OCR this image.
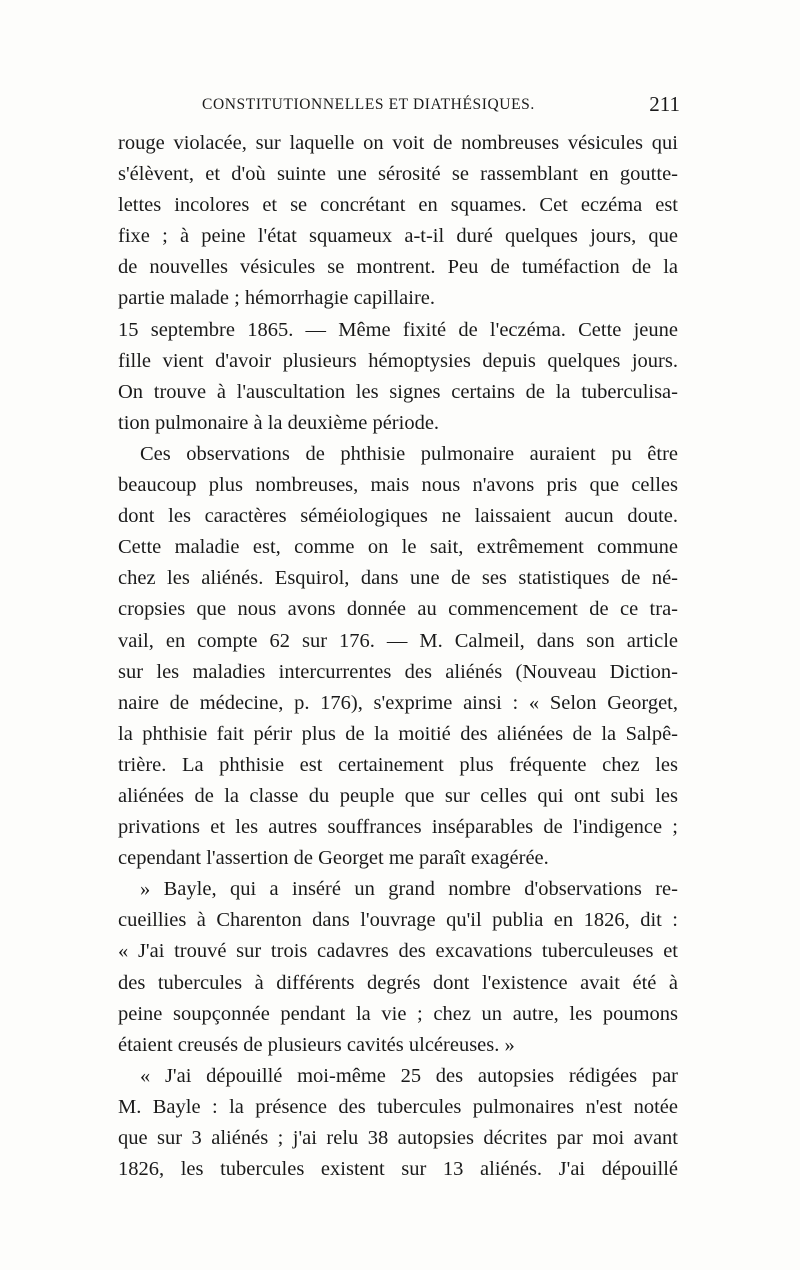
CONSTITUTIONNELLES ET DIATHÉSIQUES.	211
rouge violacée, sur laquelle on voit de nombreuses vésicules qui
s'élèvent, et d'où suinte une sérosité se rassemblant en goutte-
lettes incolores et se concrétant en squames. Cet eczéma est
fixe ; à peine l'état squameux a-t-il duré quelques jours, que
de nouvelles vésicules se montrent. Peu de tuméfaction de la
partie malade ; hémorrhagie capillaire.
15 septembre 1865. — Même fixité de l'eczéma. Cette jeune
fille vient d'avoir plusieurs hémoptysies depuis quelques jours.
On trouve à l'auscultation les signes certains de la tuberculisa-
tion pulmonaire à la deuxième période.
Ces observations de phthisie pulmonaire auraient pu être
beaucoup plus nombreuses, mais nous n'avons pris que celles
dont les caractères séméiologiques ne laissaient aucun doute.
Cette maladie est, comme on le sait, extrêmement commune
chez les aliénés. Esquirol, dans une de ses statistiques de né-
cropsies que nous avons donnée au commencement de ce tra-
vail, en compte 62 sur 176. — M. Calmeil, dans son article
sur les maladies intercurrentes des aliénés (Nouveau Diction-
naire de médecine, p. 176), s'exprime ainsi : « Selon Georget,
la phthisie fait périr plus de la moitié des aliénées de la Salpê-
trière. La phthisie est certainement plus fréquente chez les
aliénées de la classe du peuple que sur celles qui ont subi les
privations et les autres souffrances inséparables de l'indigence ;
cependant l'assertion de Georget me paraît exagérée.
» Bayle, qui a inséré un grand nombre d'observations re-
cueillies à Charenton dans l'ouvrage qu'il publia en 1826, dit :
« J'ai trouvé sur trois cadavres des excavations tuberculeuses et
des tubercules à différents degrés dont l'existence avait été à
peine soupçonnée pendant la vie ; chez un autre, les poumons
étaient creusés de plusieurs cavités ulcéreuses. »
« J'ai dépouillé moi-même 25 des autopsies rédigées par
M. Bayle : la présence des tubercules pulmonaires n'est notée
que sur 3 aliénés ; j'ai relu 38 autopsies décrites par moi avant
1826, les tubercules existent sur 13 aliénés. J'ai dépouillé
